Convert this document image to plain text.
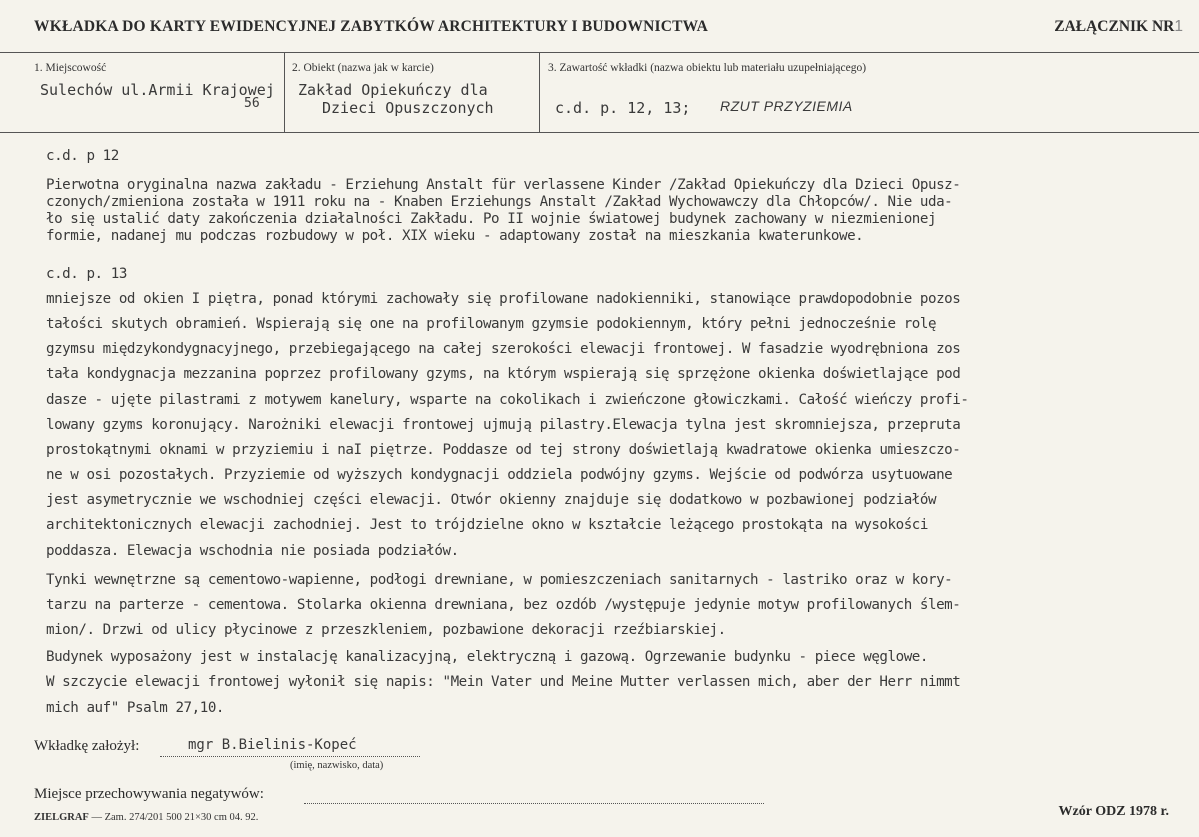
WKŁADKA DO KARTY EWIDENCYJNEJ ZABYTKÓW ARCHITEKTURY I BUDOWNICTWA	ZAŁĄCZNIK NR1
1. Miejscowość
Sulechów ul.Armii Krajowej
56
2. Obiekt (nazwa jak w karcie)
Zakład Opiekuńczy dla
Dzieci Opuszczonych
3. Zawartość wkładki (nazwa obiektu lub materiału uzupełniającego)
c.d. p. 12, 13; RZUT PRZYZIEMIA
c.d. p 12
Pierwotna oryginalna nazwa zakładu - Erziehung Anstalt für verlassene Kinder /Zakład Opiekuńczy dla Dzieci Opusz-
czonych/zmieniona została w 1911 roku na - Knaben Erziehungs Anstalt /Zakład Wychowawczy dla Chłopców/. Nie uda-
ło się ustalić daty zakończenia działalności Zakładu. Po II wojnie światowej budynek zachowany w niezmienionej
formie, nadanej mu podczas rozbudowy w poł. XIX wieku - adaptowany został na mieszkania kwaterunkowe.
c.d. p. 13
mniejsze od okien I piętra, ponad którymi zachowały się profilowane nadokienniki, stanowiące prawdopodobnie pozos
tałości skutych obramień. Wspierają się one na profilowanym gzymsie podokiennym, który pełni jednocześnie rolę
gzymsu międzykondygnacyjnego, przebiegającego na całej szerokości elewacji frontowej. W fasadzie wyodrębniona zos
tała kondygnacja mezzanina poprzez profilowany gzyms, na którym wspierają się sprzężone okienka doświetlające pod
dasze - ujęte pilastrami z motywem kanelury, wsparte na cokolikach i zwieńczone głowiczkami. Całość wieńczy profi-
lowany gzyms koronujący. Narożniki elewacji frontowej ujmują pilastry.Elewacja tylna jest skromniejsza, przepruta
prostokątnymi oknami w przyziemiu i naI piętrze. Poddasze od tej strony doświetlają kwadratowe okienka umieszczo-
ne w osi pozostałych. Przyziemie od wyższych kondygnacji oddziela podwójny gzyms. Wejście od podwórza usytuowane
jest asymetrycznie we wschodniej części elewacji. Otwór okienny znajduje się dodatkowo w pozbawionej podziałów
architektonicznych elewacji zachodniej. Jest to trójdzielne okno w kształcie leżącego prostokąta na wysokości
poddasza. Elewacja wschodnia nie posiada podziałów.
Tynki wewnętrzne są cementowo-wapienne, podłogi drewniane, w pomieszczeniach sanitarnych - lastriko oraz w kory-
tarzu na parterze - cementowa. Stolarka okienna drewniana, bez ozdób /występuje jedynie motyw profilowanych ślem-
mion/. Drzwi od ulicy płycinowe z przeszkleniem, pozbawione dekoracji rzeźbiarskiej.
Budynek wyposażony jest w instalację kanalizacyjną, elektryczną i gazową. Ogrzewanie budynku - piece węglowe.
W szczycie elewacji frontowej wyłonił się napis: "Mein Vater und Meine Mutter verlassen mich, aber der Herr nimmt
mich auf" Psalm 27,10.
Wkładkę założył:	mgr B.Bielinis-Kopeć
(imię, nazwisko, data)
Miejsce przechowywania negatywów:
ZIELGRAF — Zam. 274/201 500 21×30 cm 04. 92.	Wzór ODZ 1978 r.
